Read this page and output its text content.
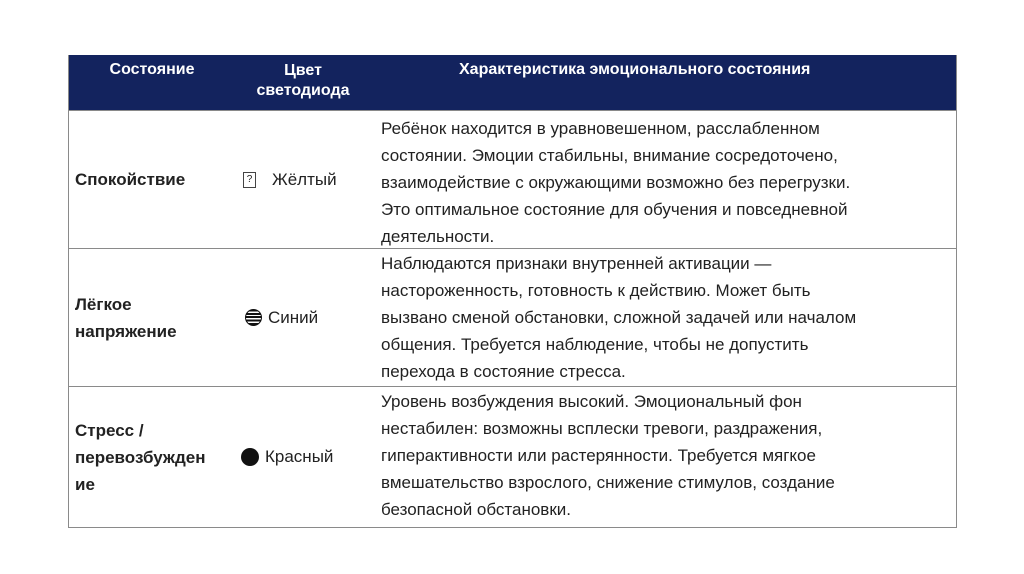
Состояние	Цвет
светодиода
Характеристика эмоционального состояния
Спокойствие	? Жёлтый
Ребёнок находится в уравновешенном, расслабленном
состоянии. Эмоции стабильны, внимание сосредоточено,
взаимодействие с окружающими возможно без перегрузки.
Это оптимальное состояние для обучения и повседневной
деятельности.
Лёгкое
напряжение
Синий
Наблюдаются признаки внутренней активации —
настороженность, готовность к действию. Может быть
вызвано сменой обстановки, сложной задачей или началом
общения. Требуется наблюдение, чтобы не допустить
перехода в состояние стресса.
Стресс /
перевозбужден
ие
Красный
Уровень возбуждения высокий. Эмоциональный фон
нестабилен: возможны всплески тревоги, раздражения,
гиперактивности или растерянности. Требуется мягкое
вмешательство взрослого, снижение стимулов, создание
безопасной обстановки.
